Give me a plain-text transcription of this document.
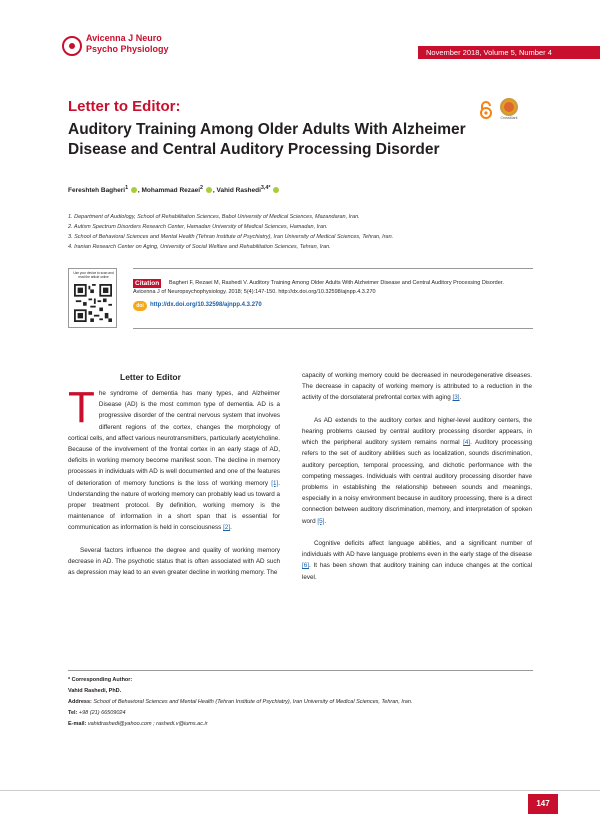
Avicenna J Neuro
Psycho Physiology	November 2018, Volume 5, Number 4
Letter to Editor:
Auditory Training Among Older Adults With Alzheimer Disease and Central Auditory Processing Disorder
CrossMark
Fereshteh Bagheri$^1$ , Mohammad Rezaei$^2$ , Vahid Rashedi$^{3,4*}$
1. Department of Audiology, School of Rehabilitation Sciences, Babol University of Medical Sciences, Mazandaran, Iran.
2. Autism Spectrum Disorders Research Center, Hamadan University of Medical Sciences, Hamadan, Iran.
3. School of Behavioral Sciences and Mental Health (Tehran Institute of Psychiatry), Iran University of Medical Sciences, Tehran, Iran.
4. Iranian Research Center on Aging, University of Social Welfare and Rehabilitation Sciences, Tehran, Iran.
Use your device to scan and read the article online
Bagheri F, Rezaei M, Rashedi V. Auditory Training Among Older Adults With Alzheimer Disease and Central Auditory Processing Disorder. Avicenna J of Neuropsychophysiology. 2018; 5(4):147-150. http://dx.doi.org/10.32598/ajnpp.4.3.270
Citation
doi	http://dx.doi.org/10.32598/ajnpp.4.3.270
Letter to Editor

The syndrome of dementia has many types, and Alzheimer Disease (AD) is the most common type of dementia. AD is a progressive disorder of the central nervous system that involves different regions of the cortex, changes the morphology of cortical cells, and affect various neurotransmitters, particularly acetylcholine. Because of the involvement of the frontal cortex in an early stage of AD, deficits in working memory become manifest soon. The decline in memory processes in individuals with AD is well documented and one of the features of deterioration of memory functions is the loss of working memory [1]. Understanding the nature of working memory can probably lead us toward a proper treatment protocol. By definition, working memory is the maintenance of information in a short span that is essential for communication as information is held in consciousness [2].

Several factors influence the degree and quality of working memory decrease in AD. The psychotic status that is often associated with AD such as depression may lead to an even greater decline in working memory. The

capacity of working memory could be decreased in neurodegenerative diseases. The decrease in capacity of working memory is attributed to a reduction in the activity of the dorsolateral prefrontal cortex with aging [3].

As AD extends to the auditory cortex and higher-level auditory centers, the hearing problems caused by central auditory processing disorder appears, in which the peripheral auditory system remains normal [4]. Auditory processing refers to the set of auditory abilities such as localization, sounds discrimination, auditory perception, temporal processing, and dichotic performance with the competing messages. Individuals with central auditory processing disorder have problems in establishing the relationship between sounds and meanings, especially in a noisy environment because in auditory processing, there is a direct connection between auditory discrimination, memory, and interpretation of spoken word [5].

Cognitive deficits affect language abilities, and a significant number of individuals with AD have language problems even in the early stage of the disease [6]. It has been shown that auditory training can induce changes at the cortical level.

* Corresponding Author:
Vahid Rashedi, PhD.
Address: School of Behavioral Sciences and Mental Health (Tehran Institute of Psychiatry), Iran University of Medical Sciences, Tehran, Iran.
Tel: +98 (21) 66509024
E-mail: vahidrashedi@yahoo.com ; rashedi.v@iums.ac.ir
147
